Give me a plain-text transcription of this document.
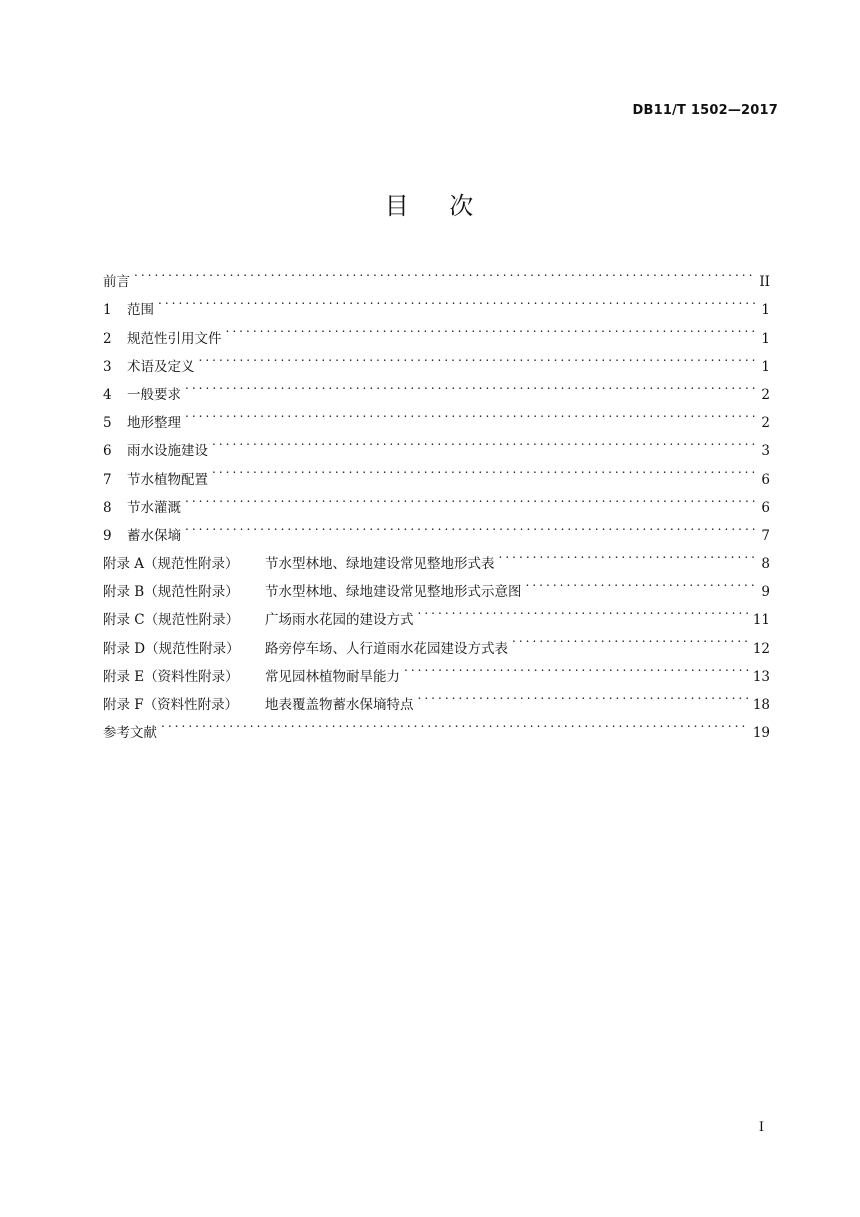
DB11/T 1502—2017
目    次
前言 . . .	II
1	范围 . . .	1
2	规范性引用文件 . . .	1
3	术语及定义 . . .	1
4	一般要求 . . .	2
5	地形整理 . . .	2
6	雨水设施建设 . . .	3
7	节水植物配置 . . .	6
8	节水灌溉 . . .	6
9	蓄水保墒 . . .	7
附录 A（规范性附录）	节水型林地、绿地建设常见整地形式表 . . .	8
附录 B（规范性附录）	节水型林地、绿地建设常见整地形式示意图 . . .	9
附录 C（规范性附录）	广场雨水花园的建设方式 . . .	11
附录 D（规范性附录）	路旁停车场、人行道雨水花园建设方式表 . . .	12
附录 E（资料性附录）	常见园林植物耐旱能力 . . .	13
附录 F（资料性附录）	地表覆盖物蓄水保墒特点 . . .	18
参考文献 . . .	19
I
